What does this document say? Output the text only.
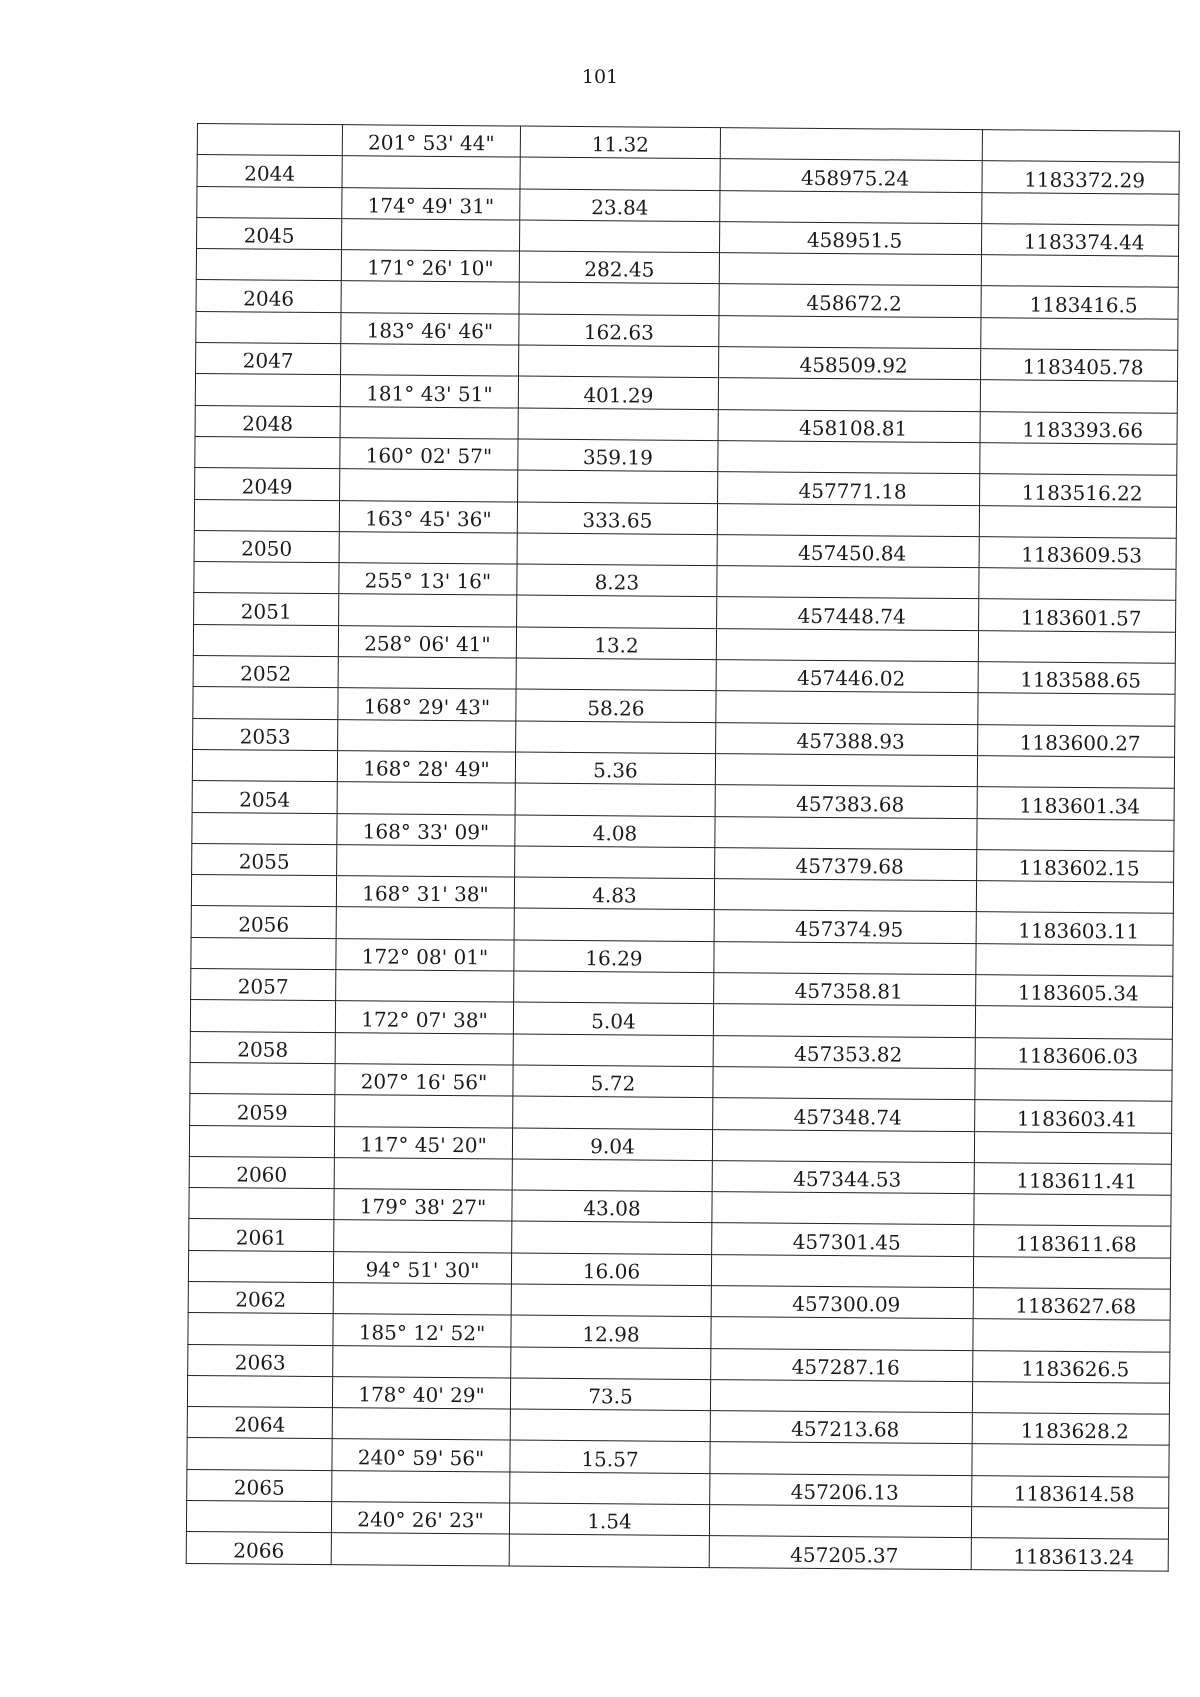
101
	201° 53' 44"	11.32		
2044			458975.24	1183372.29
	174° 49' 31"	23.84		
2045			458951.5	1183374.44
	171° 26' 10"	282.45		
2046			458672.2	1183416.5
	183° 46' 46"	162.63		
2047			458509.92	1183405.78
	181° 43' 51"	401.29		
2048			458108.81	1183393.66
	160° 02' 57"	359.19		
2049			457771.18	1183516.22
	163° 45' 36"	333.65		
2050			457450.84	1183609.53
	255° 13' 16"	8.23		
2051			457448.74	1183601.57
	258° 06' 41"	13.2		
2052			457446.02	1183588.65
	168° 29' 43"	58.26		
2053			457388.93	1183600.27
	168° 28' 49"	5.36		
2054			457383.68	1183601.34
	168° 33' 09"	4.08		
2055			457379.68	1183602.15
	168° 31' 38"	4.83		
2056			457374.95	1183603.11
	172° 08' 01"	16.29		
2057			457358.81	1183605.34
	172° 07' 38"	5.04		
2058			457353.82	1183606.03
	207° 16' 56"	5.72		
2059			457348.74	1183603.41
	117° 45' 20"	9.04		
2060			457344.53	1183611.41
	179° 38' 27"	43.08		
2061			457301.45	1183611.68
	94° 51' 30"	16.06		
2062			457300.09	1183627.68
	185° 12' 52"	12.98		
2063			457287.16	1183626.5
	178° 40' 29"	73.5		
2064			457213.68	1183628.2
	240° 59' 56"	15.57		
2065			457206.13	1183614.58
	240° 26' 23"	1.54		
2066			457205.37	1183613.24
